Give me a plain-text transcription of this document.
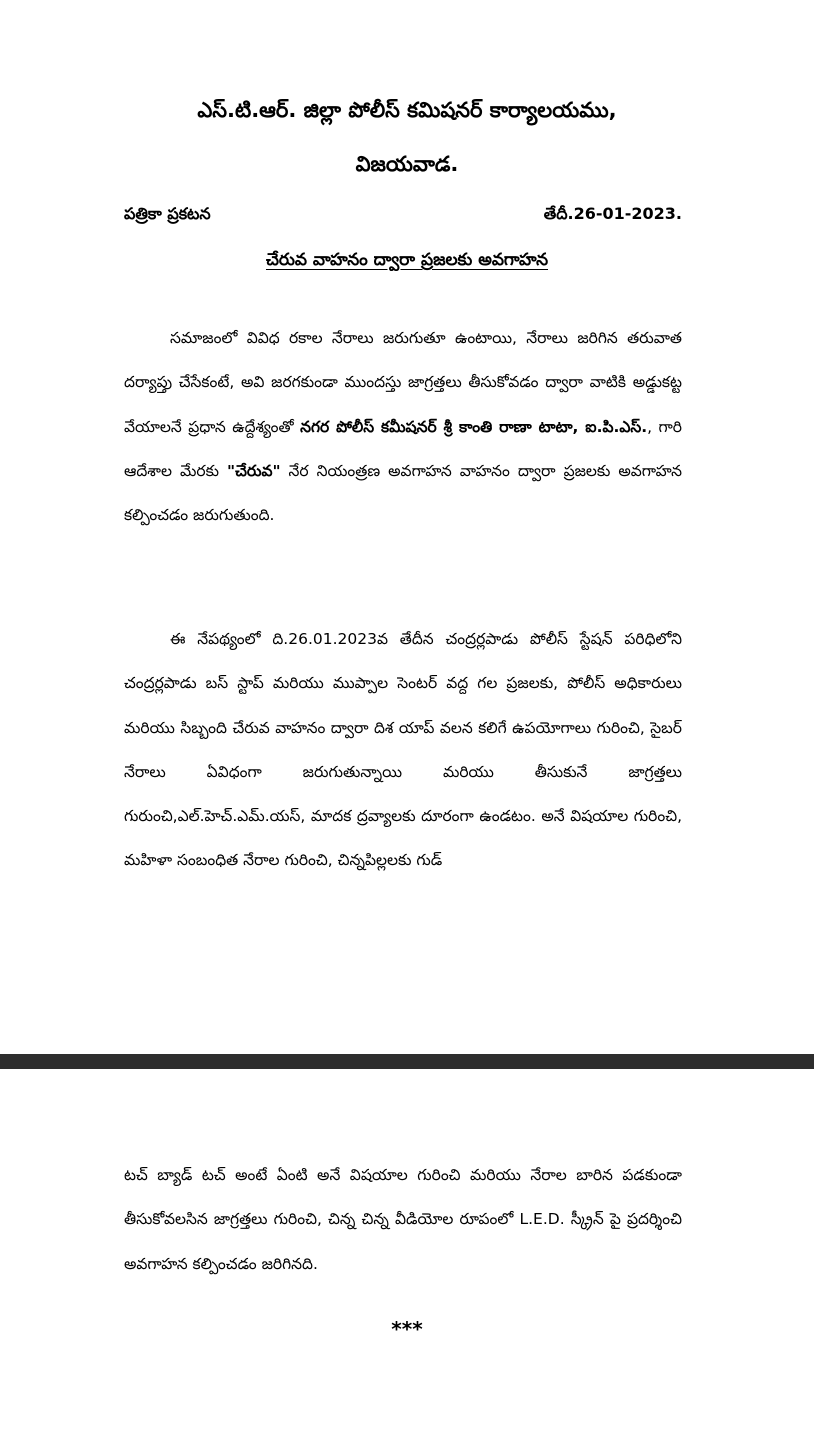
ఎస్.టి.ఆర్. జిల్లా పోలీస్ కమిషనర్ కార్యాలయము,

విజయవాడ.

పత్రికా ప్రకటన	తేదీ.26-01-2023.

చేరువ వాహనం ద్వారా ప్రజలకు అవగాహన

సమాజంలో వివిధ రకాల నేరాలు జరుగుతూ ఉంటాయి, నేరాలు జరిగిన తరువాత దర్యాప్తు చేసేకంటే, అవి జరగకుండా ముందస్తు జాగ్రత్తలు తీసుకోవడం ద్వారా వాటికి అడ్డుకట్ట వేయాలనే ప్రధాన ఉద్దేశ్యంతో నగర పోలీస్ కమీషనర్ శ్రీ కాంతి రాణా టాటా, ఐ.పి.ఎస్., గారి ఆదేశాల మేరకు "చేరువ" నేర నియంత్రణ అవగాహన వాహనం ద్వారా ప్రజలకు అవగాహన కల్పించడం జరుగుతుంది.

ఈ నేపథ్యంలో ది.26.01.2023వ తేదీన చంద్రర్లపాడు పోలీస్ స్టేషన్ పరిధిలోని చంద్రర్లపాడు బస్ స్టాప్ మరియు ముప్పాల సెంటర్ వద్ద గల ప్రజలకు, పోలీస్ అధికారులు మరియు సిబ్బంది చేరువ వాహనం ద్వారా దిశ యాప్ వలన కలిగే ఉపయోగాలు గురించి, సైబర్ నేరాలు ఏవిధంగా జరుగుతున్నాయి మరియు తీసుకునే జాగ్రత్తలు గురుంచి,ఎల్.హెచ్.ఎమ్.యస్, మాదక ద్రవ్యాలకు దూరంగా ఉండటం. అనే విషయాల గురించి, మహిళా సంబంధిత నేరాల గురించి, చిన్నపిల్లలకు గుడ్

టచ్ బ్యాడ్ టచ్ అంటే ఏంటి అనే విషయాల గురించి మరియు నేరాల బారిన పడకుండా తీసుకోవలసిన జాగ్రత్తలు గురించి, చిన్న చిన్న వీడియోల రూపంలో L.E.D. స్క్రీన్ పై ప్రదర్శించి అవగాహన కల్పించడం జరిగినది.

***
